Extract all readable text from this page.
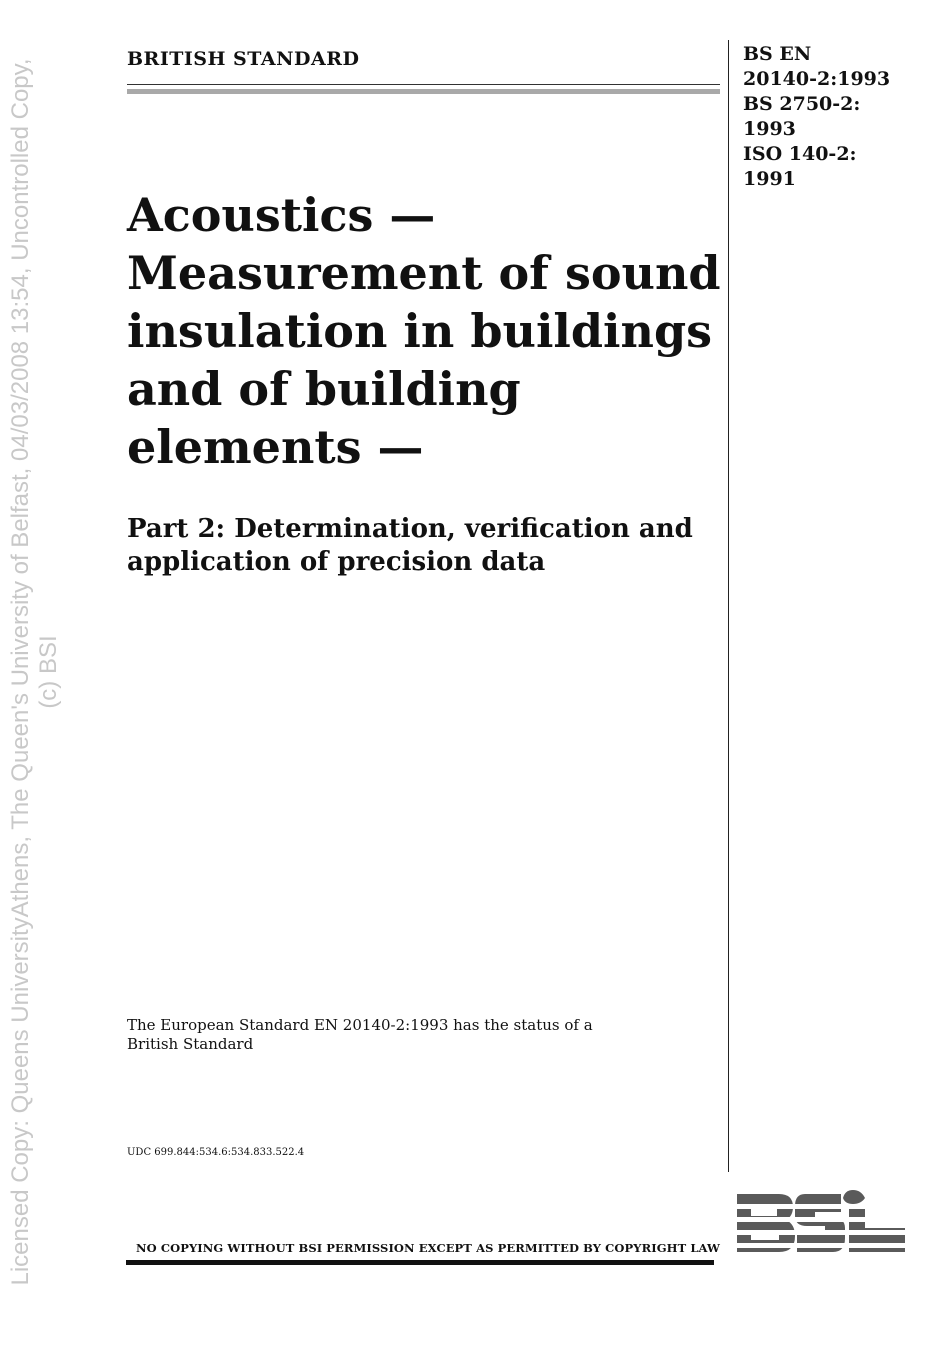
Licensed Copy: Queens UniversityAthens, The Queen's University of Belfast, 04/03/2008 13:54, Uncontrolled Copy, (c) BSI
BRITISH STANDARD	BS EN
20140-2:1993
BS 2750-2:
1993
ISO 140-2:
1991
Acoustics —
Measurement of sound
insulation in buildings
and of building
elements —
Part 2: Determination, verification and
application of precision data
The European Standard EN 20140-2:1993 has the status of a
British Standard
UDC 699.844:534.6:534.833.522.4
NO COPYING WITHOUT BSI PERMISSION EXCEPT AS PERMITTED BY COPYRIGHT LAW
